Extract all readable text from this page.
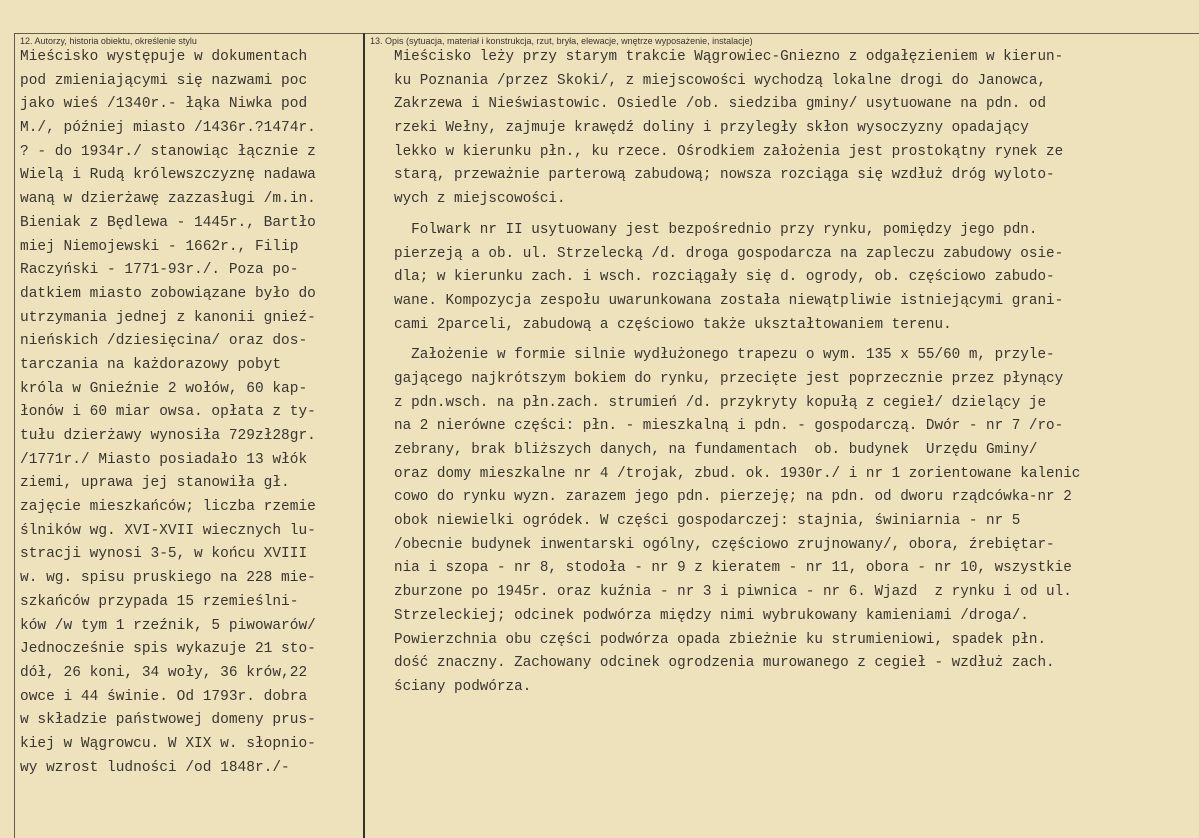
12. Autorzy, historia obiektu, określenie stylu	13. Opis (sytuacja, materiał i konstrukcja, rzut, bryła, elewacje, wnętrze wyposażenie, instalacje)
Mieścisko występuje w dokumentach
pod zmieniającymi się nazwami poc
jako wieś /1340r.- łąka Niwka pod
M./, później miasto /1436r.?1474r.
? - do 1934r./ stanowiąc łącznie z
Wielą i Rudą królewszczyznę nadawa
waną w dzierżawę zazzasługi /m.in.
Bieniak z Będlewa - 1445r., Bartło
miej Niemojewski - 1662r., Filip
Raczyński - 1771-93r./. Poza po-
datkiem miasto zobowiązane było do
utrzymania jednej z kanonii gnieź-
nieńskich /dziesięcina/ oraz dos-
tarczania na każdorazowy pobyt
króla w Gnieźnie 2 wołów, 60 kap-
łonów i 60 miar owsa. opłata z ty-
tułu dzierżawy wynosiła 729zł28gr.
/1771r./ Miasto posiadało 13 włók
ziemi, uprawa jej stanowiła gł.
zajęcie mieszkańców; liczba rzemie
ślników wg. XVI-XVII wiecznych lu-
stracji wynosi 3-5, w końcu XVIII
w. wg. spisu pruskiego na 228 mie-
szkańców przypada 15 rzemieślni-
ków /w tym 1 rzeźnik, 5 piwowarów/
Jednocześnie spis wykazuje 21 sto-
dół, 26 koni, 34 woły, 36 krów,22
owce i 44 świnie. Od 1793r. dobra
w składzie państwowej domeny prus-
kiej w Wągrowcu. W XIX w. słopnio-
wy wzrost ludności /od 1848r./-
Mieścisko leży przy starym trakcie Wągrowiec-Gniezno z odgałęzieniem w kierun-
ku Poznania /przez Skoki/, z miejscowości wychodzą lokalne drogi do Janowca,
Zakrzewa i Nieświastowic. Osiedle /ob. siedziba gminy/ usytuowane na pdn. od
rzeki Wełny, zajmuje krawędź doliny i przyległy skłon wysoczyzny opadający
lekko w kierunku płn., ku rzece. Ośrodkiem założenia jest prostokątny rynek ze
starą, przeważnie parterową zabudową; nowsza rozciąga się wzdłuż dróg wyloto-
wych z miejscowości.
Folwark nr II usytuowany jest bezpośrednio przy rynku, pomiędzy jego pdn.
pierzeją a ob. ul. Strzelecką /d. droga gospodarcza na zapleczu zabudowy osie-
dla; w kierunku zach. i wsch. rozciągały się d. ogrody, ob. częściowo zabudo-
wane. Kompozycja zespołu uwarunkowana została niewątpliwie istniejącymi grani-
cami 2parceli, zabudową a częściowo także ukształtowaniem terenu.
Założenie w formie silnie wydłużonego trapezu o wym. 135 x 55/60 m, przyle-
gającego najkrótszym bokiem do rynku, przecięte jest poprzecznie przez płynący
z pdn.wsch. na płn.zach. strumień /d. przykryty kopułą z cegieł/ dzielący je
na 2 nierówne części: płn. - mieszkalną i pdn. - gospodarczą. Dwór - nr 7 /ro-
zebrany, brak bliższych danych, na fundamentach  ob. budynek  Urzędu Gminy/
oraz domy mieszkalne nr 4 /trojak, zbud. ok. 1930r./ i nr 1 zorientowane kalenic
cowo do rynku wyzn. zarazem jego pdn. pierzeję; na pdn. od dworu rządcówka-nr 2
obok niewielki ogródek. W części gospodarczej: stajnia, świniarnia - nr 5
/obecnie budynek inwentarski ogólny, częściowo zrujnowany/, obora, źrebiętar-
nia i szopa - nr 8, stodoła - nr 9 z kieratem - nr 11, obora - nr 10, wszystkie
zburzone po 1945r. oraz kuźnia - nr 3 i piwnica - nr 6. Wjazd  z rynku i od ul.
Strzeleckiej; odcinek podwórza między nimi wybrukowany kamieniami /droga/.
Powierzchnia obu części podwórza opada zbieżnie ku strumieniowi, spadek płn.
dość znaczny. Zachowany odcinek ogrodzenia murowanego z cegieł - wzdłuż zach.
ściany podwórza.
